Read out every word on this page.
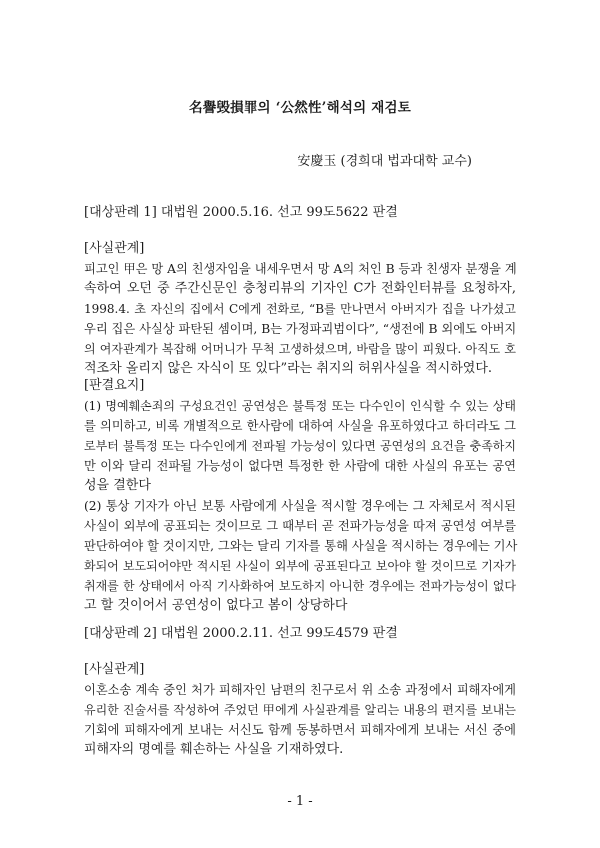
名譽毁損罪의 ‘公然性’해석의 재검토
安慶玉 (경희대 법과대학 교수)
[대상판례 1] 대법원 2000.5.16. 선고 99도5622 판결
[사실관계]
피고인 甲은 망 A의 친생자임을 내세우면서 망 A의 처인 B 등과 친생자 분쟁을 계
속하여 오던 중 주간신문인 충청리뷰의 기자인 C가 전화인터뷰를 요청하자,
1998.4. 초 자신의 집에서 C에게 전화로, “B를 만나면서 아버지가 집을 나가셨고
우리 집은 사실상 파탄된 셈이며, B는 가정파괴범이다”, “생전에 B 외에도 아버지
의 여자관계가 복잡해 어머니가 무척 고생하셨으며, 바람을 많이 피웠다. 아직도 호
적조차 올리지 않은 자식이 또 있다”라는 취지의 허위사실을 적시하였다.
[판결요지]
(1) 명예훼손죄의 구성요건인 공연성은 불특정 또는 다수인이 인식할 수 있는 상태
를 의미하고, 비록 개별적으로 한사람에 대하여 사실을 유포하였다고 하더라도 그
로부터 불특정 또는 다수인에게 전파될 가능성이 있다면 공연성의 요건을 충족하지
만 이와 달리 전파될 가능성이 없다면 특정한 한 사람에 대한 사실의 유포는 공연
성을 결한다
(2) 통상 기자가 아닌 보통 사람에게 사실을 적시할 경우에는 그 자체로서 적시된
사실이 외부에 공표되는 것이므로 그 때부터 곧 전파가능성을 따져 공연성 여부를
판단하여야 할 것이지만, 그와는 달리 기자를 통해 사실을 적시하는 경우에는 기사
화되어 보도되어야만 적시된 사실이 외부에 공표된다고 보아야 할 것이므로 기자가
취재를 한 상태에서 아직 기사화하여 보도하지 아니한 경우에는 전파가능성이 없다
고 할 것이어서 공연성이 없다고 봄이 상당하다
[대상판례 2] 대법원 2000.2.11. 선고 99도4579 판결
[사실관계]
이혼소송 계속 중인 처가 피해자인 남편의 친구로서 위 소송 과정에서 피해자에게
유리한 진술서를 작성하여 주었던 甲에게 사실관계를 알리는 내용의 편지를 보내는
기회에 피해자에게 보내는 서신도 함께 동봉하면서 피해자에게 보내는 서신 중에
피해자의 명예를 훼손하는 사실을 기재하였다.
- 1 -
